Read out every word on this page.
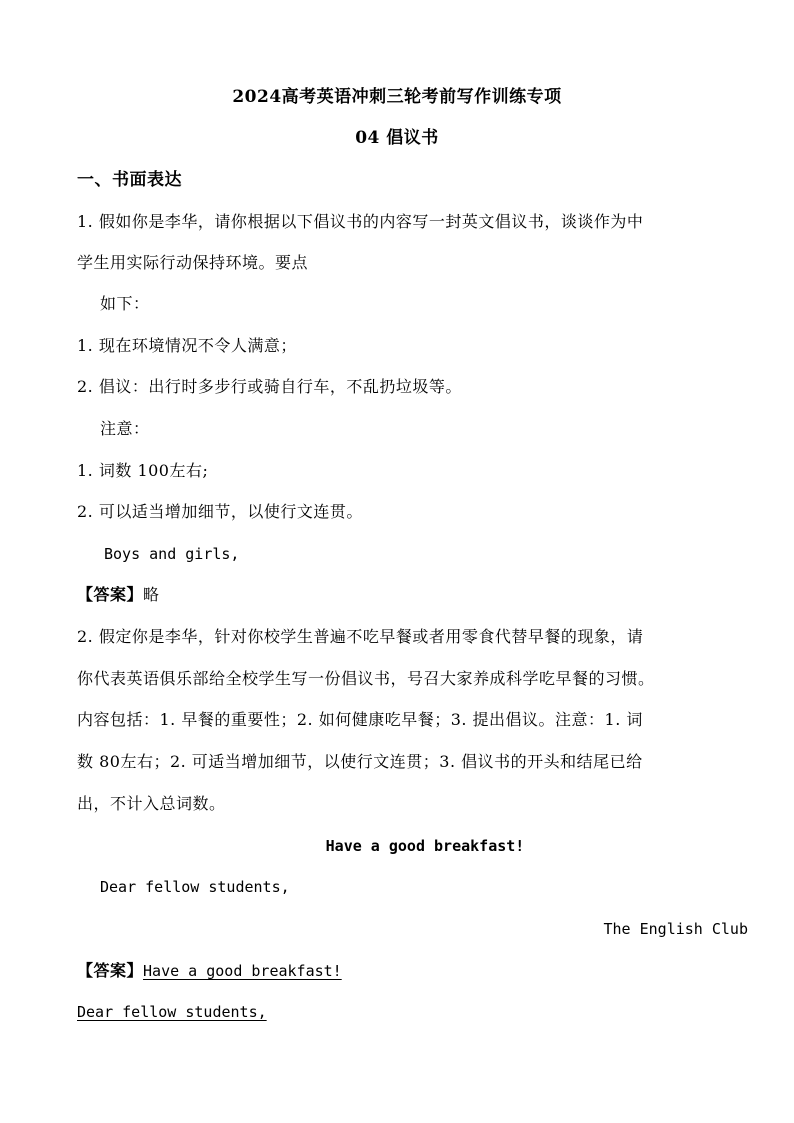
2024高考英语冲刺三轮考前写作训练专项
04 倡议书
一、书面表达
1. 假如你是李华，请你根据以下倡议书的内容写一封英文倡议书，谈谈作为中
学生用实际行动保持环境。要点
如下：
1. 现在环境情况不令人满意；
2. 倡议：出行时多步行或骑自行车，不乱扔垃圾等。
注意：
1. 词数 100左右;
2. 可以适当增加细节，以使行文连贯。
Boys and girls,
【答案】略
2. 假定你是李华，针对你校学生普遍不吃早餐或者用零食代替早餐的现象，请
你代表英语俱乐部给全校学生写一份倡议书，号召大家养成科学吃早餐的习惯。
内容包括：1. 早餐的重要性；2. 如何健康吃早餐；3. 提出倡议。注意：1. 词
数 80左右；2. 可适当增加细节，以使行文连贯；3. 倡议书的开头和结尾已给
出，不计入总词数。
Have a good breakfast!
Dear fellow students,
The English Club
【答案】Have a good breakfast!
Dear fellow students,
